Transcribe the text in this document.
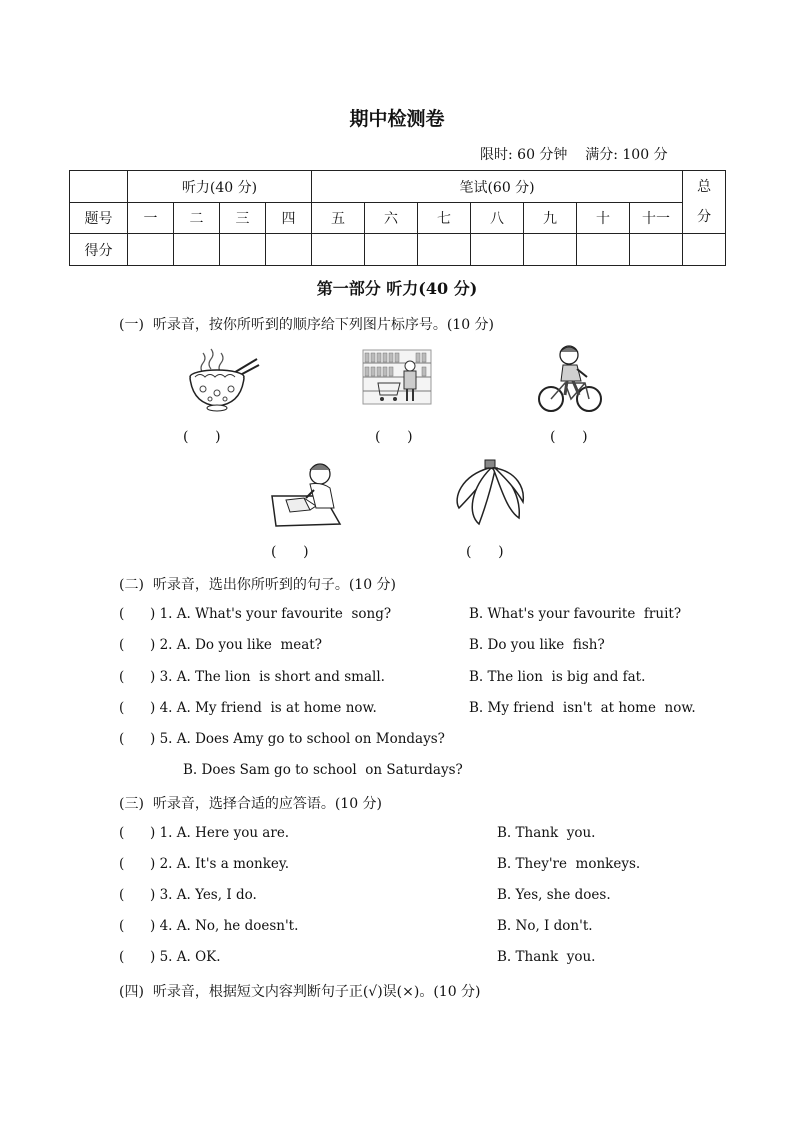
期中检测卷
限时: 60 分钟    满分: 100 分
	听力(40 分)				笔试(60 分)							总分
题号	一	二	三	四	五	六	七	八	九	十	十一	
得分												
第一部分 听力(40 分)
(一)  听录音，按你所听到的顺序给下列图片标序号。(10 分)
(      )	(      )	(      )
(      )	(      )
(二)  听录音，选出你所听到的句子。(10 分)
(      ) 1. A. What's your favourite  song?	B. What's your favourite  fruit?
(      ) 2. A. Do you like  meat?	B. Do you like  fish?
(      ) 3. A. The lion  is short and small.	B. The lion  is big and fat.
(      ) 4. A. My friend  is at home now.	B. My friend  isn't  at home  now.
(      ) 5. A. Does Amy go to school on Mondays?
B. Does Sam go to school  on Saturdays?
(三)  听录音，选择合适的应答语。(10 分)
(      ) 1. A. Here you are.	B. Thank  you.
(      ) 2. A. It's a monkey.	B. They're  monkeys.
(      ) 3. A. Yes, I do.	B. Yes, she does.
(      ) 4. A. No, he doesn't.	B. No, I don't.
(      ) 5. A. OK.	B. Thank  you.
(四)  听录音，根据短文内容判断句子正(√)误(×)。(10 分)
